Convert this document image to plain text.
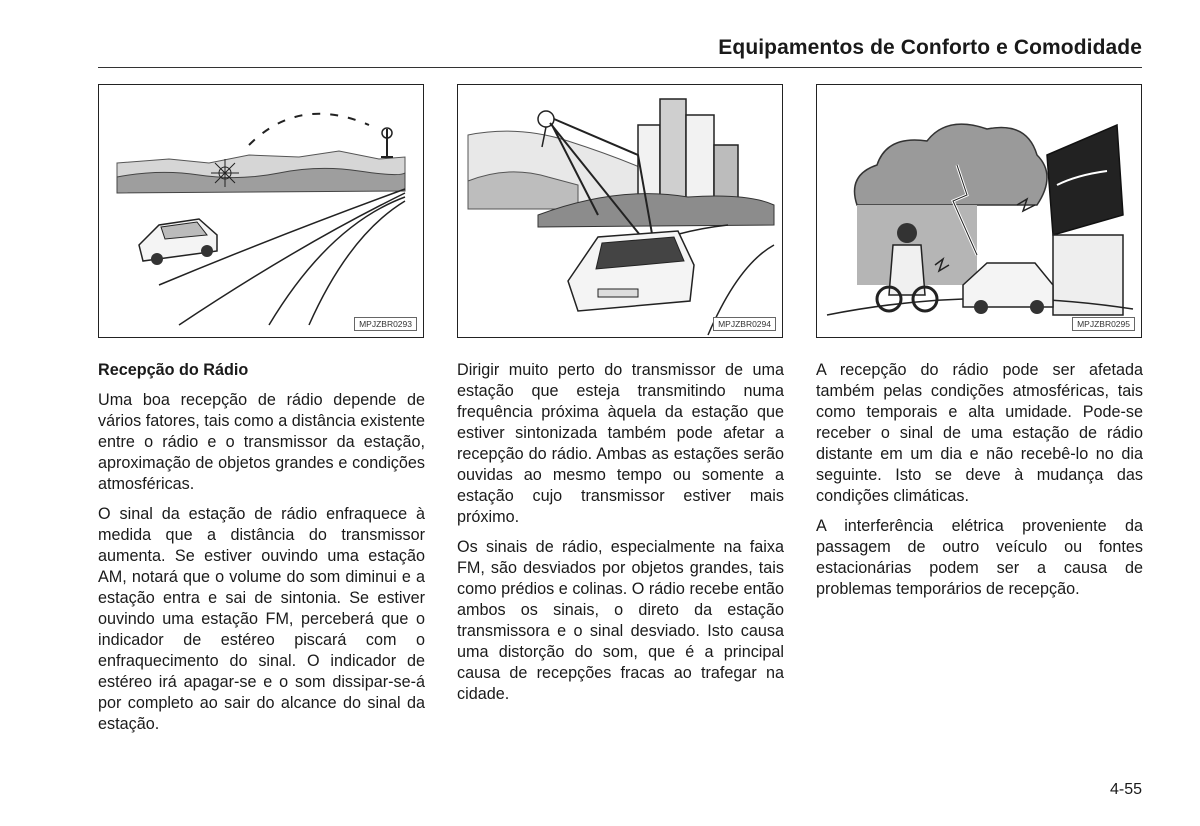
Equipamentos de Conforto e Comodidade
MPJZBR0293	MPJZBR0294	MPJZBR0295

Recepção do Rádio

Uma boa recepção de rádio depende de vários fatores, tais como a distância existente entre o rádio e o transmissor da estação, aproximação de objetos grandes e condições atmosféricas.

O sinal da estação de rádio enfraquece à medida que a distância do transmissor aumenta. Se estiver ouvindo uma estação AM, notará que o volume do som diminui e a estação entra e sai de sintonia. Se estiver ouvindo uma estação FM, perceberá que o indicador de estéreo piscará com o enfraquecimento do sinal. O indicador de estéreo irá apagar-se e o som dissipar-se-á por completo ao sair do alcance do sinal da estação.

Dirigir muito perto do transmissor de uma estação que esteja transmitindo numa frequência próxima àquela da estação que estiver sintonizada também pode afetar a recepção do rádio. Ambas as estações serão ouvidas ao mesmo tempo ou somente a estação cujo transmissor estiver mais próximo.

Os sinais de rádio, especialmente na faixa FM, são desviados por objetos grandes, tais como prédios e colinas. O rádio recebe então ambos os sinais, o direto da estação transmissora e o sinal desviado. Isto causa uma distorção do som, que é a principal causa de recepções fracas ao trafegar na cidade.

A recepção do rádio pode ser afetada também pelas condições atmosféricas, tais como temporais e alta umidade. Pode-se receber o sinal de uma estação de rádio distante em um dia e não recebê-lo no dia seguinte. Isto se deve à mudança das condições climáticas.

A interferência elétrica proveniente da passagem de outro veículo ou fontes estacionárias podem ser a causa de problemas temporários de recepção.

4-55
